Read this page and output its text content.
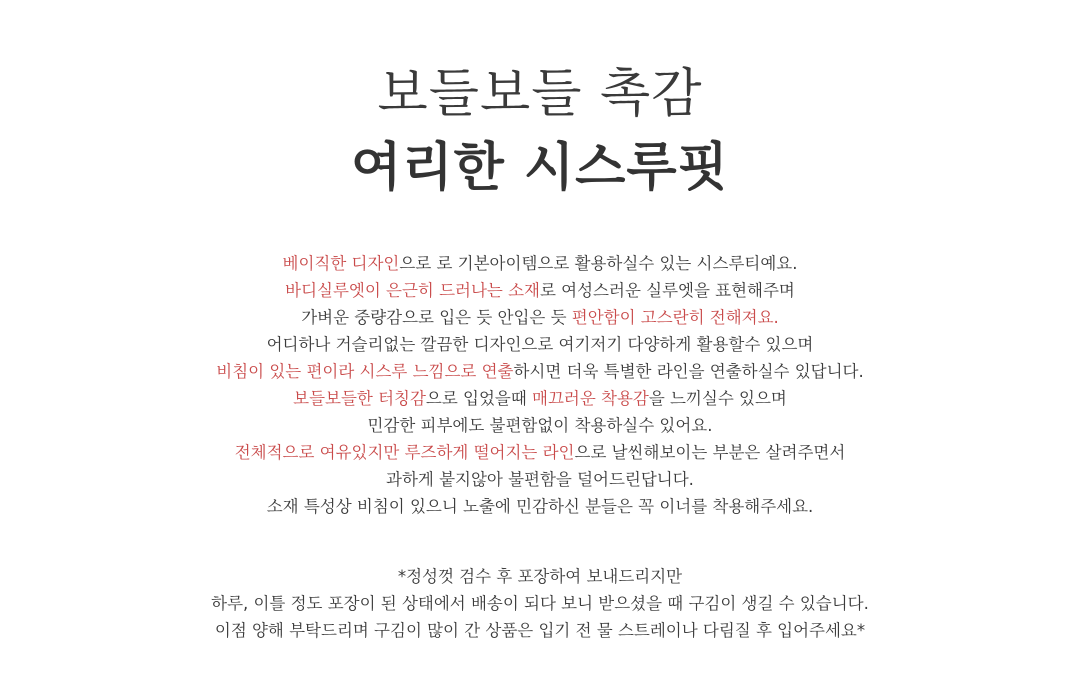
보들보들 촉감
여리한 시스루핏
베이직한 디자인으로 로 기본아이템으로 활용하실수 있는 시스루티예요.
바디실루엣이 은근히 드러나는 소재로 여성스러운 실루엣을 표현해주며
가벼운 중량감으로 입은 듯 안입은 듯 편안함이 고스란히 전해져요.
어디하나 거슬리없는 깔끔한 디자인으로 여기저기 다양하게 활용할수 있으며
비침이 있는 편이라 시스루 느낌으로 연출하시면 더욱 특별한 라인을 연출하실수 있답니다.
보들보들한 터칭감으로 입었을때 매끄러운 착용감을 느끼실수 있으며
민감한 피부에도 불편함없이 착용하실수 있어요.
전체적으로 여유있지만 루즈하게 떨어지는 라인으로 날씬해보이는 부분은 살려주면서
과하게 붙지않아 불편함을 덜어드린답니다.
소재 특성상 비침이 있으니 노출에 민감하신 분들은 꼭 이너를 착용해주세요.
*정성껏 검수 후 포장하여 보내드리지만
하루, 이틀 정도 포장이 된 상태에서 배송이 되다 보니 받으셨을 때 구김이 생길 수 있습니다.
이점 양해 부탁드리며 구김이 많이 간 상품은 입기 전 물 스트레이나 다림질 후 입어주세요*
